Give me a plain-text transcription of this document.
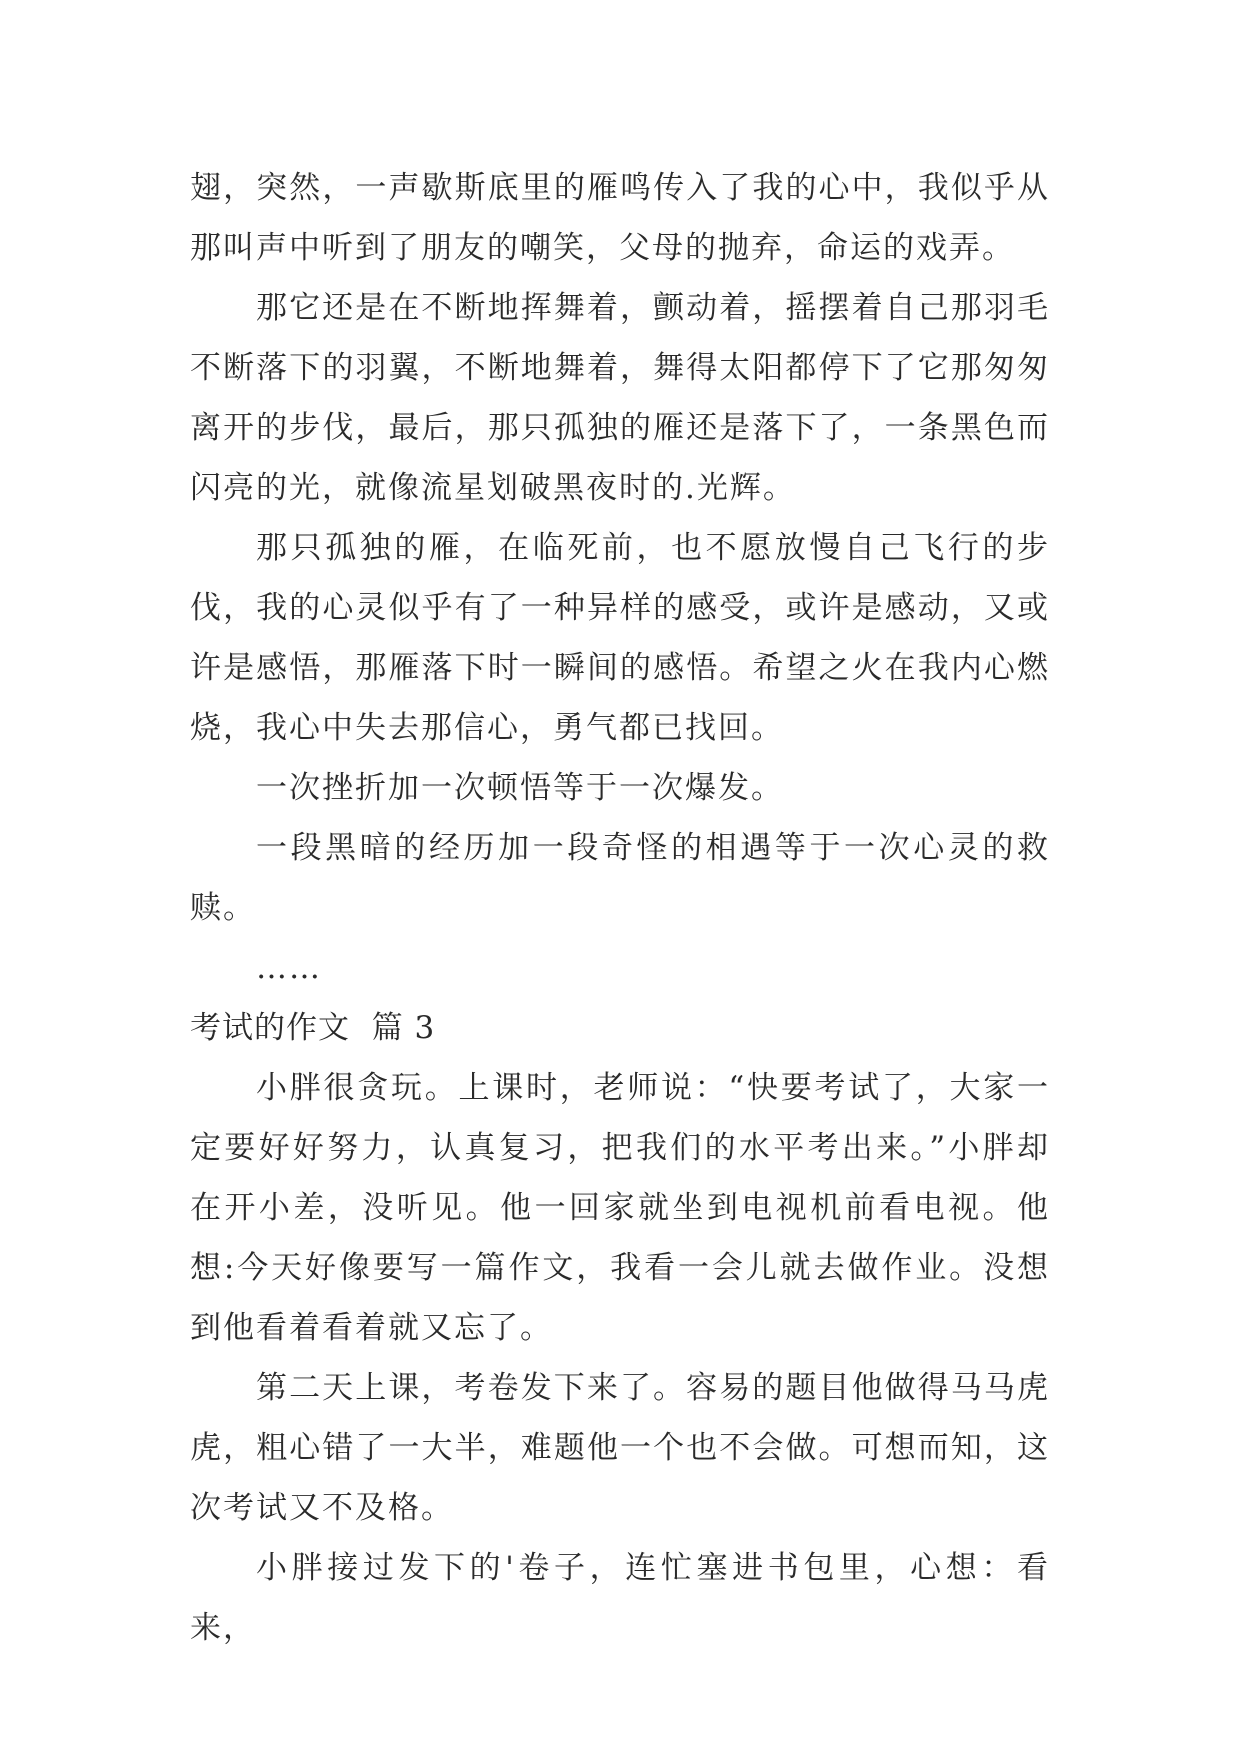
翅，突然，一声歇斯底里的雁鸣传入了我的心中，我似乎从那叫声中听到了朋友的嘲笑，父母的抛弃，命运的戏弄。

那它还是在不断地挥舞着，颤动着，摇摆着自己那羽毛不断落下的羽翼，不断地舞着，舞得太阳都停下了它那匆匆离开的步伐，最后，那只孤独的雁还是落下了，一条黑色而闪亮的光，就像流星划破黑夜时的.光辉。

那只孤独的雁，在临死前，也不愿放慢自己飞行的步伐，我的心灵似乎有了一种异样的感受，或许是感动，又或许是感悟，那雁落下时一瞬间的感悟。希望之火在我内心燃烧，我心中失去那信心，勇气都已找回。

一次挫折加一次顿悟等于一次爆发。

一段黑暗的经历加一段奇怪的相遇等于一次心灵的救赎。

……

考试的作文  篇 3

小胖很贪玩。上课时，老师说：“快要考试了，大家一定要好好努力，认真复习，把我们的水平考出来。”小胖却在开小差，没听见。他一回家就坐到电视机前看电视。他想:今天好像要写一篇作文，我看一会儿就去做作业。没想到他看着看着就又忘了。

第二天上课，考卷发下来了。容易的题目他做得马马虎虎，粗心错了一大半，难题他一个也不会做。可想而知，这次考试又不及格。

小胖接过发下的'卷子，连忙塞进书包里，心想：看来，
